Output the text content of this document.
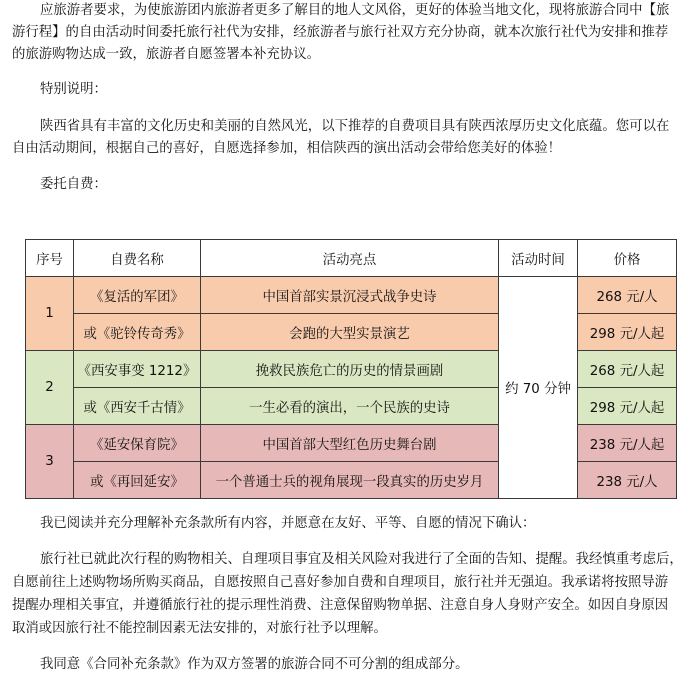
应旅游者要求，为使旅游团内旅游者更多了解目的地人文风俗，更好的体验当地文化，现将旅游合同中【旅
游行程】的自由活动时间委托旅行社代为安排，经旅游者与旅行社双方充分协商，就本次旅行社代为安排和推荐
的旅游购物达成一致，旅游者自愿签署本补充协议。
特别说明：
陕西省具有丰富的文化历史和美丽的自然风光，以下推荐的自费项目具有陕西浓厚历史文化底蕴。您可以在
自由活动期间，根据自己的喜好，自愿选择参加，相信陕西的演出活动会带给您美好的体验！
委托自费：
序号	自费名称	活动亮点	活动时间	价格
1	《复活的军团》	中国首部实景沉浸式战争史诗	约 70 分钟	268 元/人
	或《驼铃传奇秀》	会跑的大型实景演艺		298 元/人起
2	《西安事变 1212》	挽救民族危亡的历史的情景画剧		268 元/人起
	或《西安千古情》	一生必看的演出，一个民族的史诗		298 元/人起
3	《延安保育院》	中国首部大型红色历史舞台剧		238 元/人起
	或《再回延安》	一个普通士兵的视角展现一段真实的历史岁月		238 元/人
我已阅读并充分理解补充条款所有内容，并愿意在友好、平等、自愿的情况下确认：
旅行社已就此次行程的购物相关、自理项目事宜及相关风险对我进行了全面的告知、提醒。我经慎重考虑后，
自愿前往上述购物场所购买商品，自愿按照自己喜好参加自费和自理项目，旅行社并无强迫。我承诺将按照导游
提醒办理相关事宜，并遵循旅行社的提示理性消费、注意保留购物单据、注意自身人身财产安全。如因自身原因
取消或因旅行社不能控制因素无法安排的，对旅行社予以理解。
我同意《合同补充条款》作为双方签署的旅游合同不可分割的组成部分。
